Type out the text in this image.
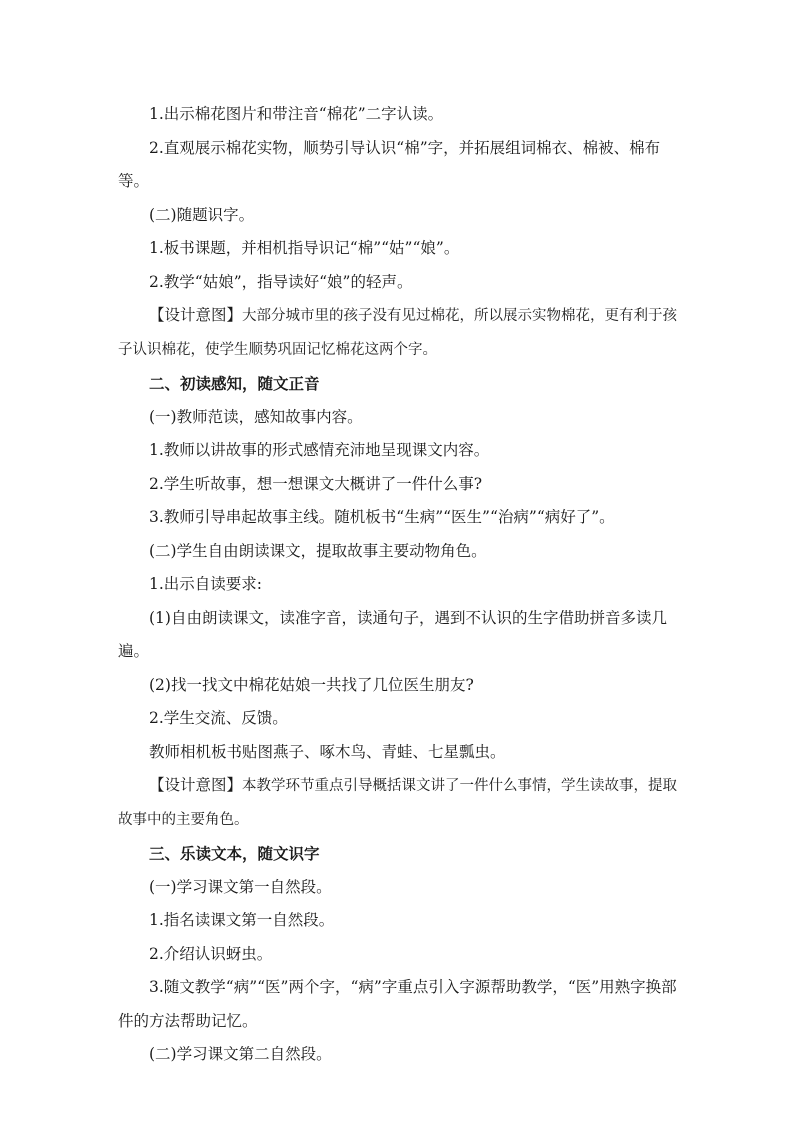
1.出示棉花图片和带注音“棉花”二字认读。

2.直观展示棉花实物，顺势引导认识“棉”字，并拓展组词棉衣、棉被、棉布等。

(二)随题识字。

1.板书课题，并相机指导识记“棉”“姑”“娘”。

2.教学“姑娘”，指导读好“娘”的轻声。

【设计意图】大部分城市里的孩子没有见过棉花，所以展示实物棉花，更有利于孩子认识棉花，使学生顺势巩固记忆棉花这两个字。

二、初读感知，随文正音

(一)教师范读，感知故事内容。

1.教师以讲故事的形式感情充沛地呈现课文内容。

2.学生听故事，想一想课文大概讲了一件什么事?

3.教师引导串起故事主线。随机板书“生病”“医生”“治病”“病好了”。

(二)学生自由朗读课文，提取故事主要动物角色。

1.出示自读要求:

(1)自由朗读课文，读准字音，读通句子，遇到不认识的生字借助拼音多读几遍。

(2)找一找文中棉花姑娘一共找了几位医生朋友?

2.学生交流、反馈。

教师相机板书贴图燕子、啄木鸟、青蛙、七星瓢虫。

【设计意图】本教学环节重点引导概括课文讲了一件什么事情，学生读故事，提取故事中的主要角色。

三、乐读文本，随文识字

(一)学习课文第一自然段。

1.指名读课文第一自然段。

2.介绍认识蚜虫。

3.随文教学“病”“医”两个字，“病”字重点引入字源帮助教学，“医”用熟字换部件的方法帮助记忆。

(二)学习课文第二自然段。
